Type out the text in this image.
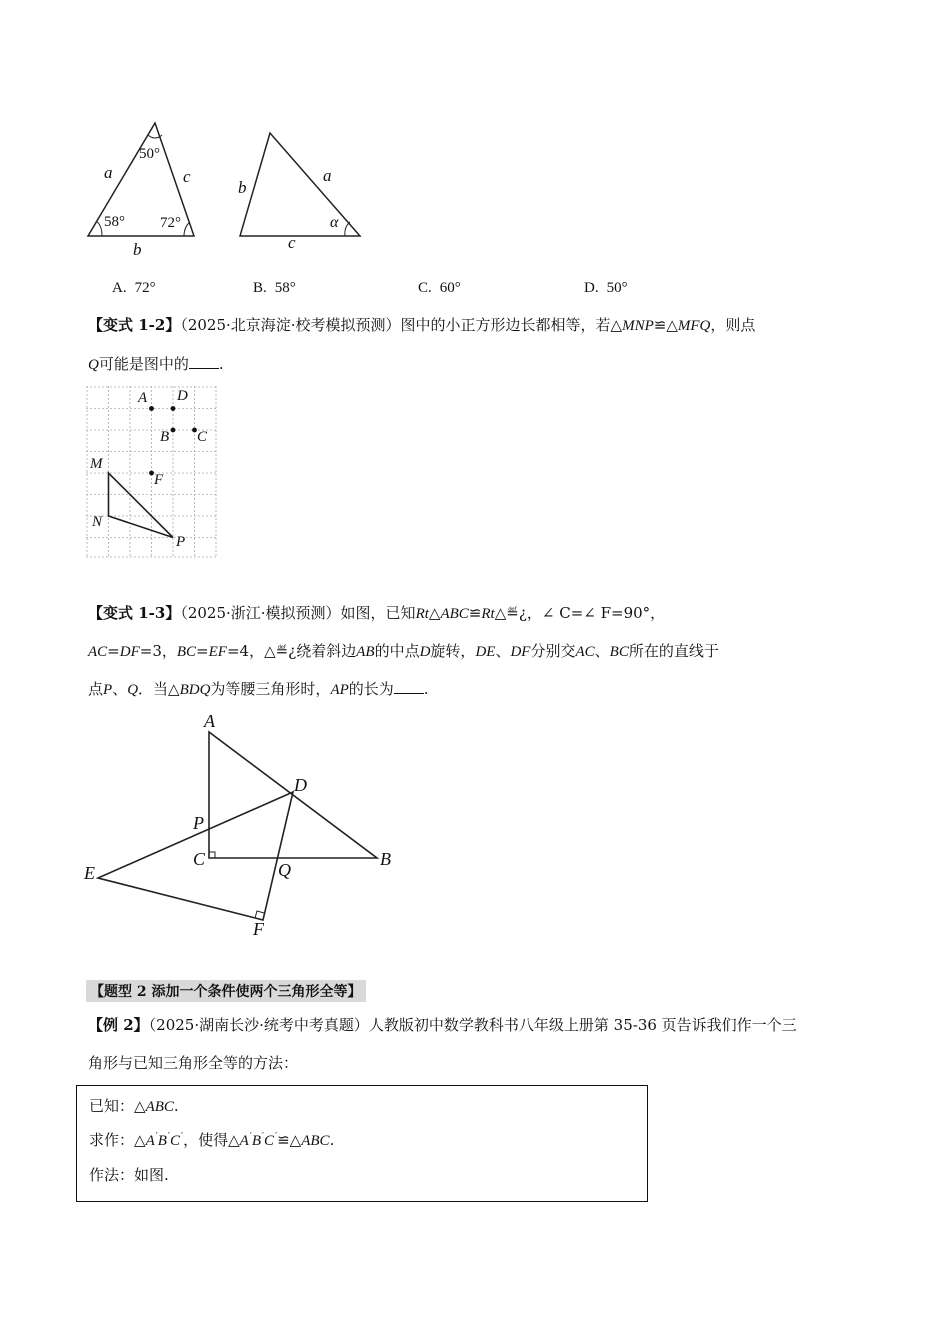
a	c
b
50°
58° 72°
b
a
c
α
A. 72°	B. 58°	C. 60°	D. 50°
【变式 1-2】（2025·北京海淀·校考模拟预测）图中的小正方形边长都相等，若△MNP≌△MFQ，则点
Q可能是图中的 .
A D
B C
M
F
N
P
【变式 1-3】（2025·浙江·模拟预测）如图，已知Rt△ABC≌Rt△≝¿，∠ C=∠ F=90°，
AC=DF=3，BC=EF=4，△≝¿绕着斜边AB的中点D旋转，DE、DF分别交AC、BC所在的直线于
点P、Q．当△BDQ为等腰三角形时，AP的长为 .
A
D
P
C
Q
B
E
F
【题型 2 添加一个条件使两个三角形全等】
【例 2】（2025·湖南长沙·统考中考真题）人教版初中数学教科书八年级上册第 35-36 页告诉我们作一个三
角形与已知三角形全等的方法：
已知：△ABC.
求作：△A′B′C′，使得△A′B′C′≌△ABC.
作法：如图.
